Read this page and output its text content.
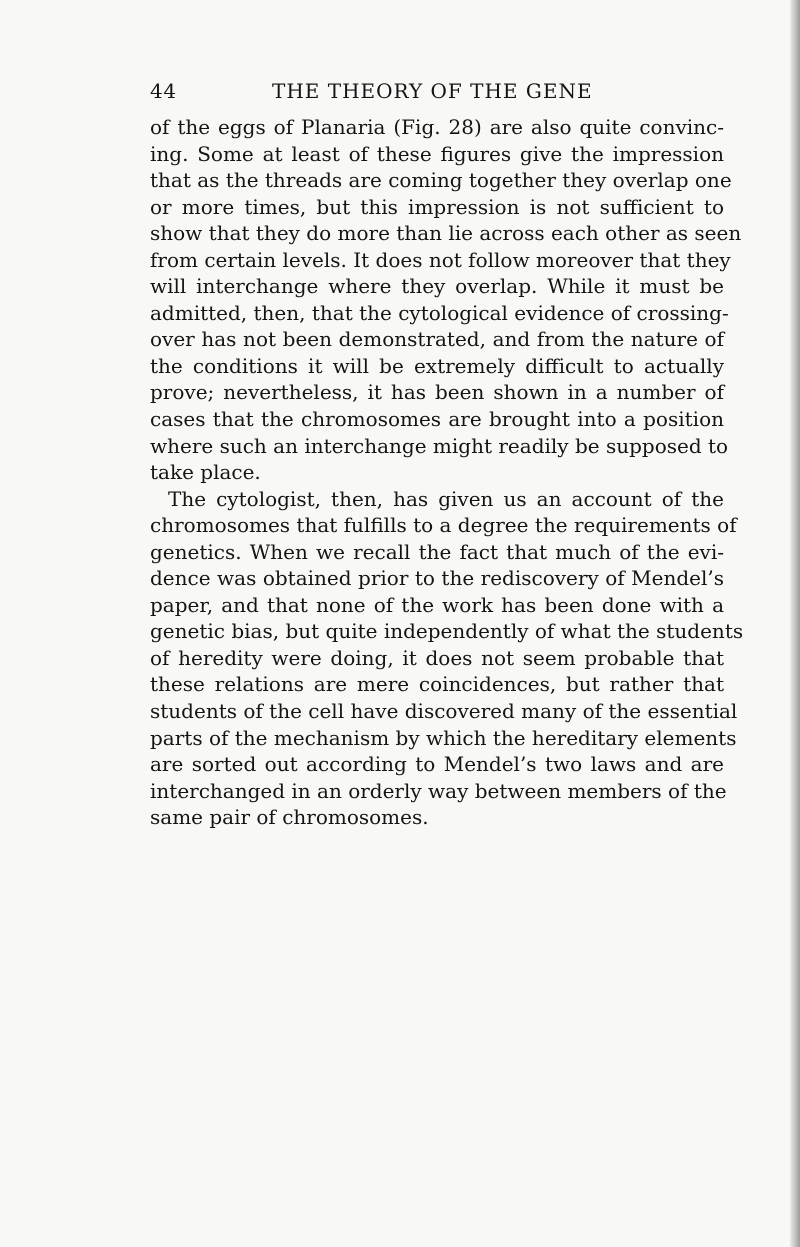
44	THE THEORY OF THE GENE
of the eggs of Planaria (Fig. 28) are also quite convinc-
ing. Some at least of these figures give the impression
that as the threads are coming together they overlap one
or more times, but this impression is not sufficient to
show that they do more than lie across each other as seen
from certain levels. It does not follow moreover that they
will interchange where they overlap. While it must be
admitted, then, that the cytological evidence of crossing-
over has not been demonstrated, and from the nature of
the conditions it will be extremely difficult to actually
prove; nevertheless, it has been shown in a number of
cases that the chromosomes are brought into a position
where such an interchange might readily be supposed to
take place.
The cytologist, then, has given us an account of the
chromosomes that fulfills to a degree the requirements of
genetics. When we recall the fact that much of the evi-
dence was obtained prior to the rediscovery of Mendel’s
paper, and that none of the work has been done with a
genetic bias, but quite independently of what the students
of heredity were doing, it does not seem probable that
these relations are mere coincidences, but rather that
students of the cell have discovered many of the essential
parts of the mechanism by which the hereditary elements
are sorted out according to Mendel’s two laws and are
interchanged in an orderly way between members of the
same pair of chromosomes.
